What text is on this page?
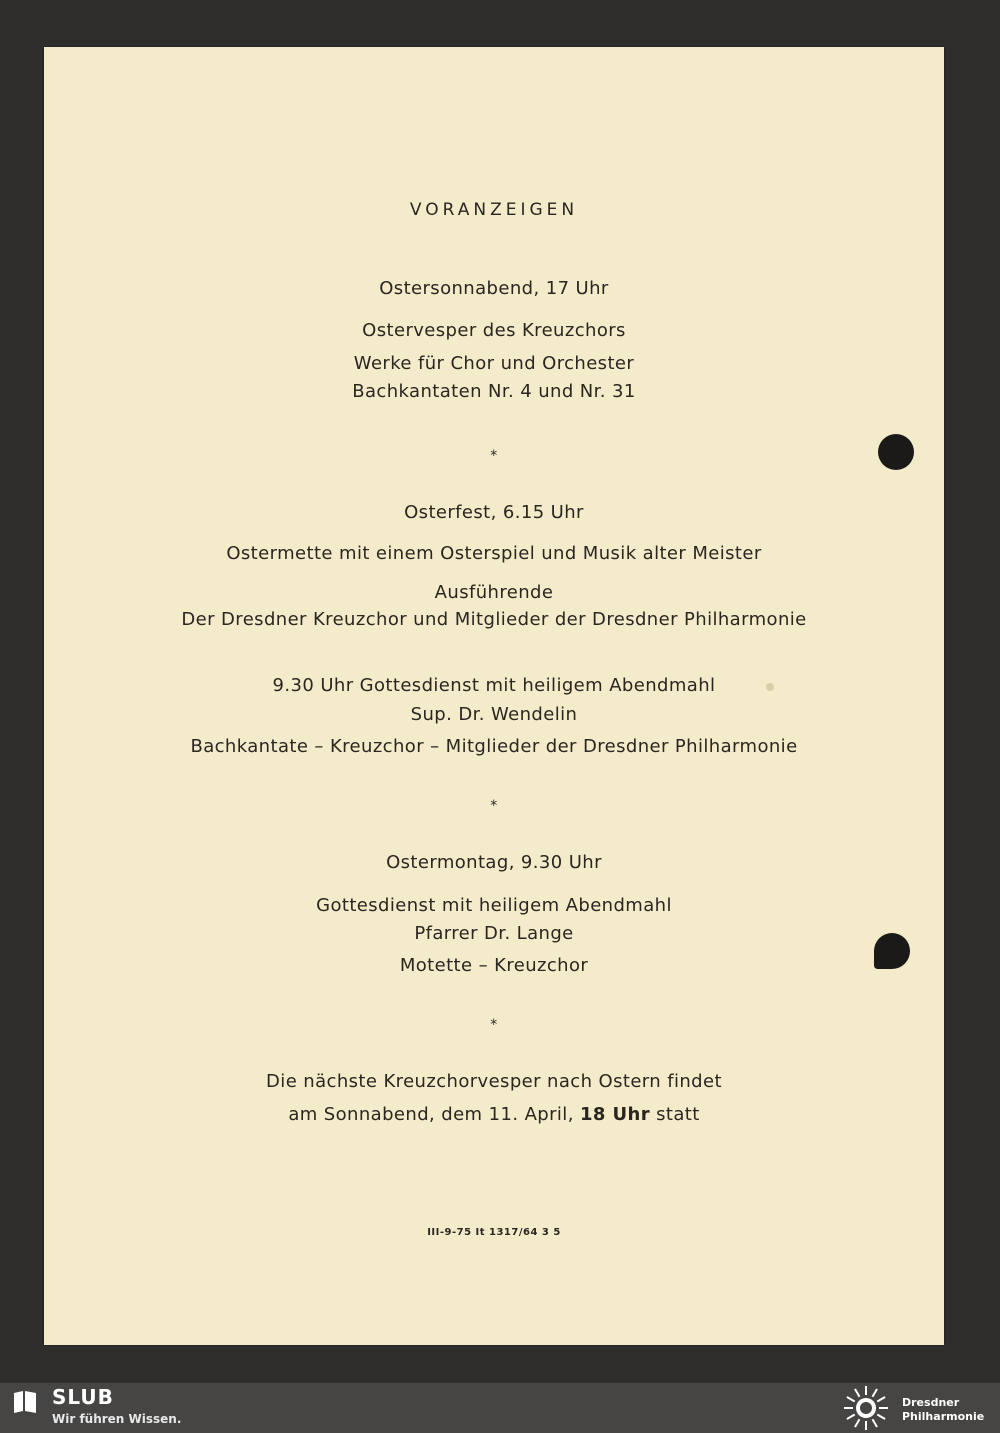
VORANZEIGEN
Ostersonnabend, 17 Uhr
Ostervesper des Kreuzchors
Werke für Chor und Orchester
Bachkantaten Nr. 4 und Nr. 31
*
Osterfest, 6.15 Uhr
Ostermette mit einem Osterspiel und Musik alter Meister
Ausführende
Der Dresdner Kreuzchor und Mitglieder der Dresdner Philharmonie
9.30 Uhr Gottesdienst mit heiligem Abendmahl
Sup. Dr. Wendelin
Bachkantate – Kreuzchor – Mitglieder der Dresdner Philharmonie
*
Ostermontag, 9.30 Uhr
Gottesdienst mit heiligem Abendmahl
Pfarrer Dr. Lange
Motette – Kreuzchor
*
Die nächste Kreuzchorvesper nach Ostern findet
am Sonnabend, dem 11. April, 18 Uhr statt
III-9-75 It 1317/64 3 5
SLUB
Wir führen Wissen.
Dresdner
Philharmonie
